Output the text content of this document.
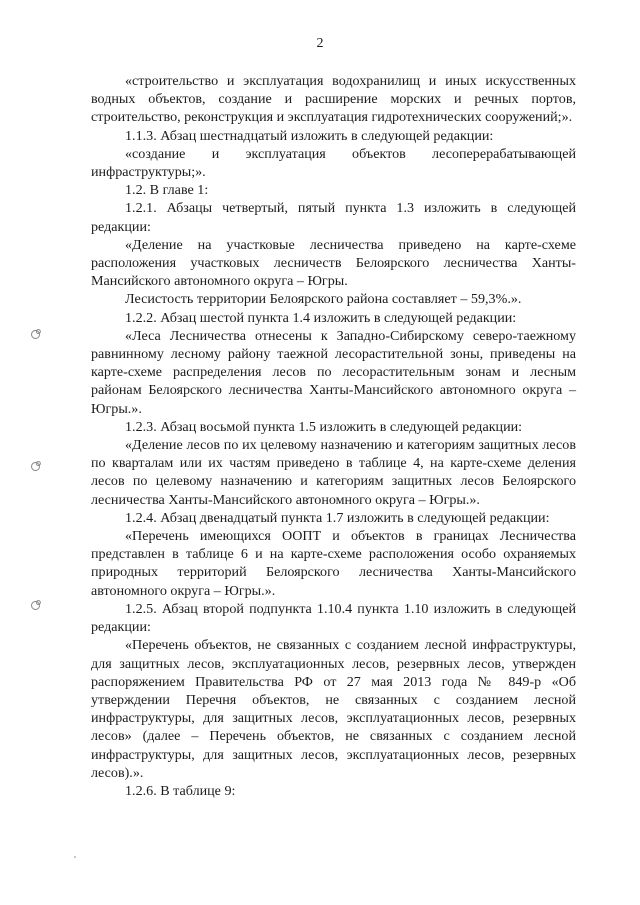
2

«строительство и эксплуатация водохранилищ и иных искусственных водных объектов, создание и расширение морских и речных портов, строительство, реконструкция и эксплуатация гидротехнических сооружений;».

1.1.3. Абзац шестнадцатый изложить в следующей редакции:

«создание и эксплуатация объектов лесоперерабатывающей инфраструктуры;».

1.2. В главе 1:

1.2.1. Абзацы четвертый, пятый пункта 1.3 изложить в следующей редакции:

«Деление на участковые лесничества приведено на карте-схеме расположения участковых лесничеств Белоярского лесничества Ханты-Мансийского автономного округа – Югры.

Лесистость территории Белоярского района составляет – 59,3%.».

1.2.2. Абзац шестой пункта 1.4 изложить в следующей редакции:

«Леса Лесничества отнесены к Западно-Сибирскому северо-таежному равнинному лесному району таежной лесорастительной зоны, приведены на карте-схеме распределения лесов по лесорастительным зонам и лесным районам Белоярского лесничества Ханты-Мансийского автономного округа – Югры.».

1.2.3. Абзац восьмой пункта 1.5 изложить в следующей редакции:

«Деление лесов по их целевому назначению и категориям защитных лесов по кварталам или их частям приведено в таблице 4, на карте-схеме деления лесов по целевому назначению и категориям защитных лесов Белоярского лесничества Ханты-Мансийского автономного округа – Югры.».

1.2.4. Абзац двенадцатый пункта 1.7 изложить в следующей редакции:

«Перечень имеющихся ООПТ и объектов в границах Лесничества представлен в таблице 6 и на карте-схеме расположения особо охраняемых природных территорий Белоярского лесничества Ханты-Мансийского автономного округа – Югры.».

1.2.5. Абзац второй подпункта 1.10.4 пункта 1.10 изложить в следующей редакции:

«Перечень объектов, не связанных с созданием лесной инфраструктуры, для защитных лесов, эксплуатационных лесов, резервных лесов, утвержден распоряжением Правительства РФ от 27 мая 2013 года № 849-р «Об утверждении Перечня объектов, не связанных с созданием лесной инфраструктуры, для защитных лесов, эксплуатационных лесов, резервных лесов» (далее – Перечень объектов, не связанных с созданием лесной инфраструктуры, для защитных лесов, эксплуатационных лесов, резервных лесов).».

1.2.6. В таблице 9:
